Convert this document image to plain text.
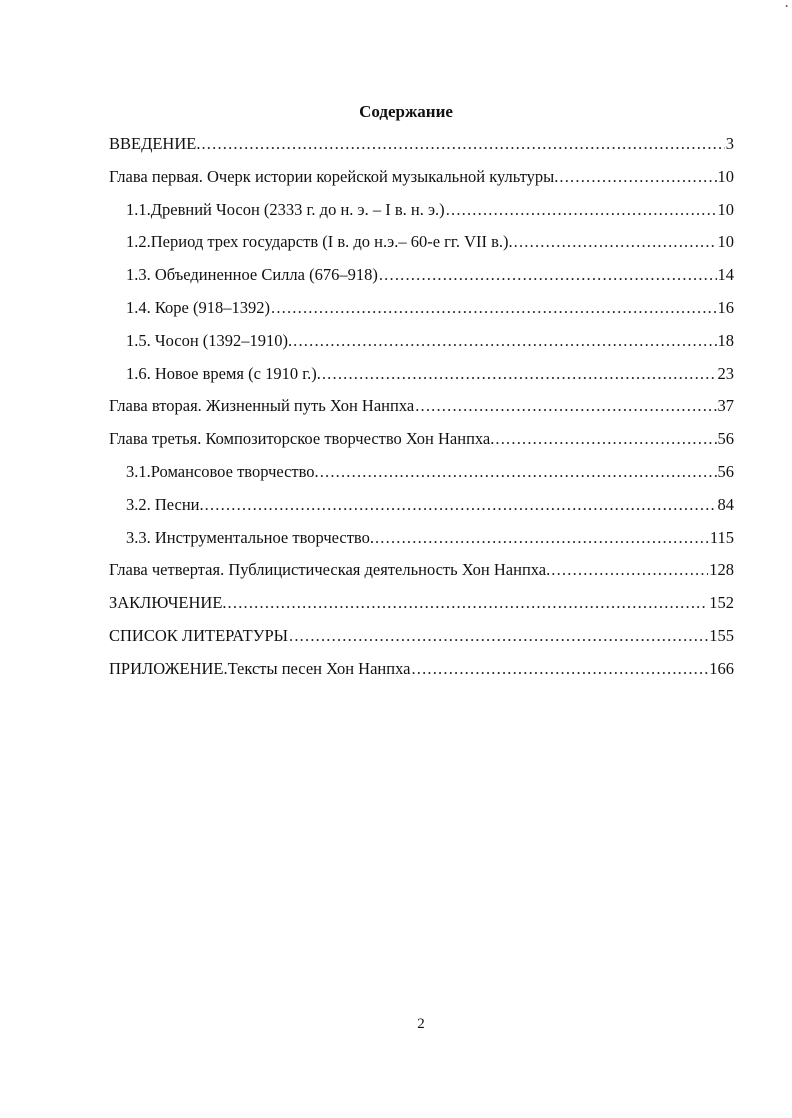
•
Содержание
ВВЕДЕНИЕ. .....	3
Глава первая. Очерк истории корейской музыкальной культуры. .....	10
1.1.Древний Чосон (2333 г. до н. э. – I в. н. э.) .....	10
1.2.Период трех государств (I в. до н.э.– 60-е гг. VII в.). .....	10
1.3. Объединенное Силла (676–918) .....	14
1.4. Коре (918–1392) .....	16
1.5. Чосон (1392–1910). .....	18
1.6. Новое время (с 1910 г.). .....	23
Глава вторая. Жизненный путь Хон Нанпха .....	37
Глава третья. Композиторское творчество Хон Нанпха. .....	56
3.1.Романсовое творчество. .....	56
3.2. Песни. .....	84
3.3. Инструментальное творчество. .....	115
Глава четвертая. Публицистическая деятельность Хон Нанпха. .....	128
ЗАКЛЮЧЕНИЕ. .....	152
СПИСОК ЛИТЕРАТУРЫ .....	155
ПРИЛОЖЕНИЕ.Тексты песен Хон Нанпха .....	166
2
